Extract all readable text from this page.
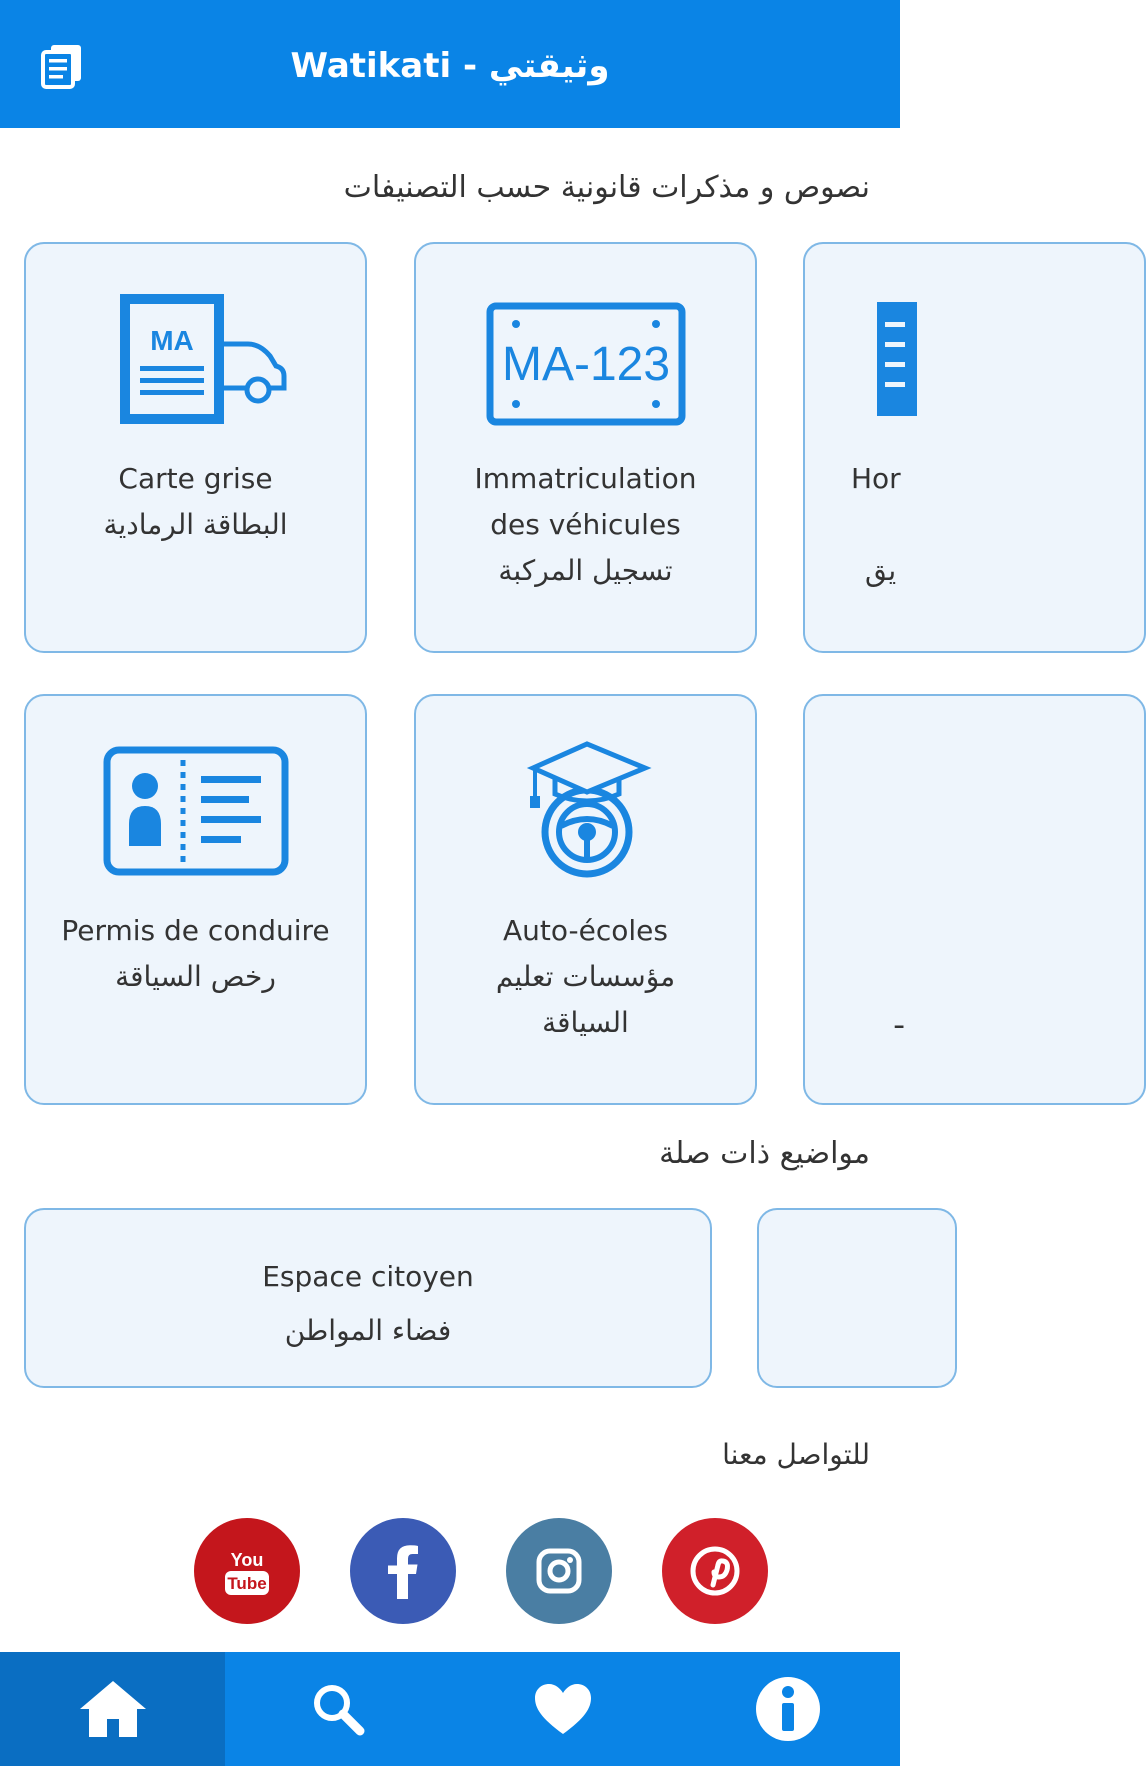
Watikati - وثيقتي
نصوص و مذكرات قانونية حسب التصنيفات
MA
Carte grise
البطاقة الرمادية
MA-123
Immatriculation
des véhicules
تسجيل المركبة
Hor
يق
Permis de conduire
رخص السياقة
Auto-écoles
مؤسسات تعليم
السياقة	ـ
مواضيع ذات صلة
Espace citoyen
فضاء المواطن
للتواصل معنا
You
Tube
